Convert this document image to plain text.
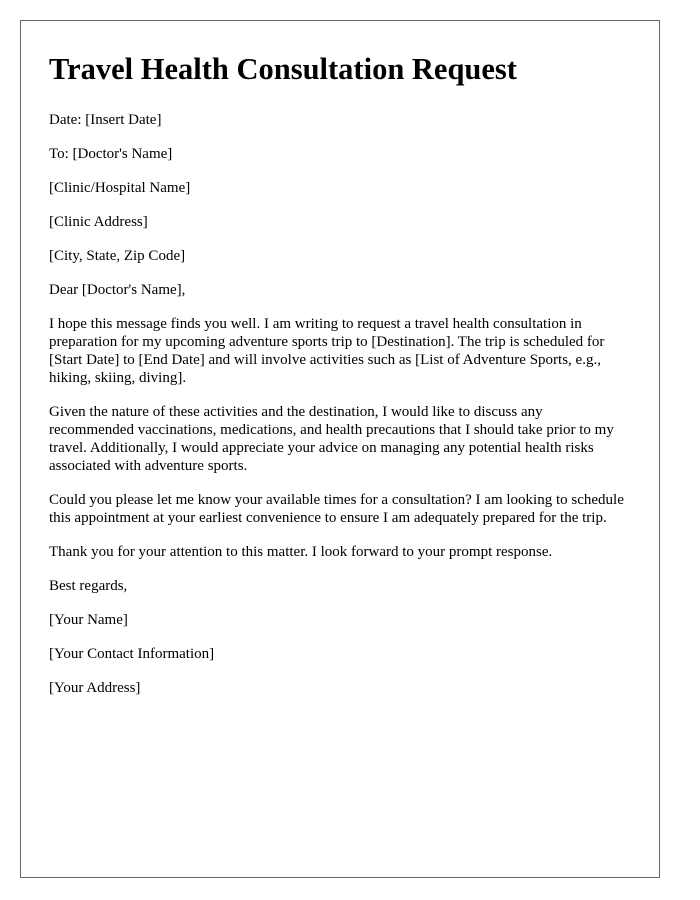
Travel Health Consultation Request

Date: [Insert Date]

To: [Doctor's Name]

[Clinic/Hospital Name]

[Clinic Address]

[City, State, Zip Code]

Dear [Doctor's Name],

I hope this message finds you well. I am writing to request a travel health consultation in preparation for my upcoming adventure sports trip to [Destination]. The trip is scheduled for [Start Date] to [End Date] and will involve activities such as [List of Adventure Sports, e.g., hiking, skiing, diving].

Given the nature of these activities and the destination, I would like to discuss any recommended vaccinations, medications, and health precautions that I should take prior to my travel. Additionally, I would appreciate your advice on managing any potential health risks associated with adventure sports.

Could you please let me know your available times for a consultation? I am looking to schedule this appointment at your earliest convenience to ensure I am adequately prepared for the trip.

Thank you for your attention to this matter. I look forward to your prompt response.

Best regards,

[Your Name]

[Your Contact Information]

[Your Address]
